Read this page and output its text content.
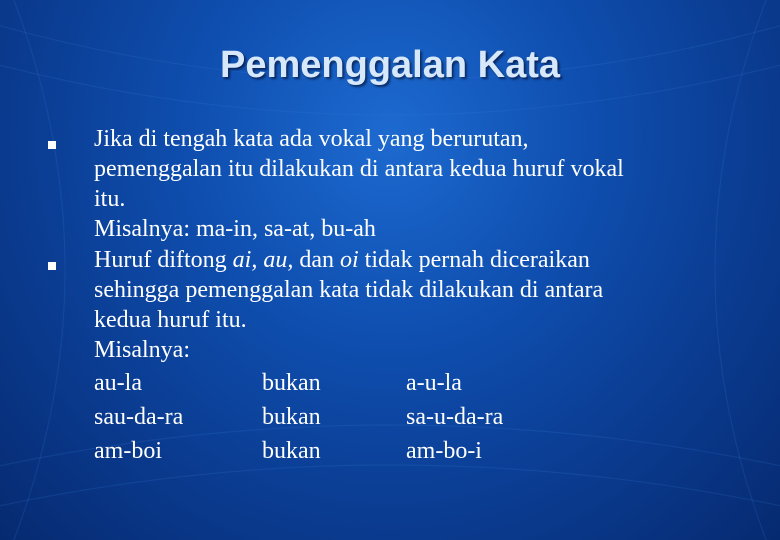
Pemenggalan Kata
Jika di tengah kata ada vokal yang berurutan,
pemenggalan itu dilakukan di antara kedua huruf vokal
itu.
Misalnya: ma-in, sa-at, bu-ah
Huruf diftong ai, au, dan oi tidak pernah diceraikan
sehingga pemenggalan kata tidak dilakukan di antara
kedua huruf itu.
Misalnya:
au-la	bukan	a-u-la
sau-da-ra	bukan	sa-u-da-ra
am-boi	bukan	am-bo-i
